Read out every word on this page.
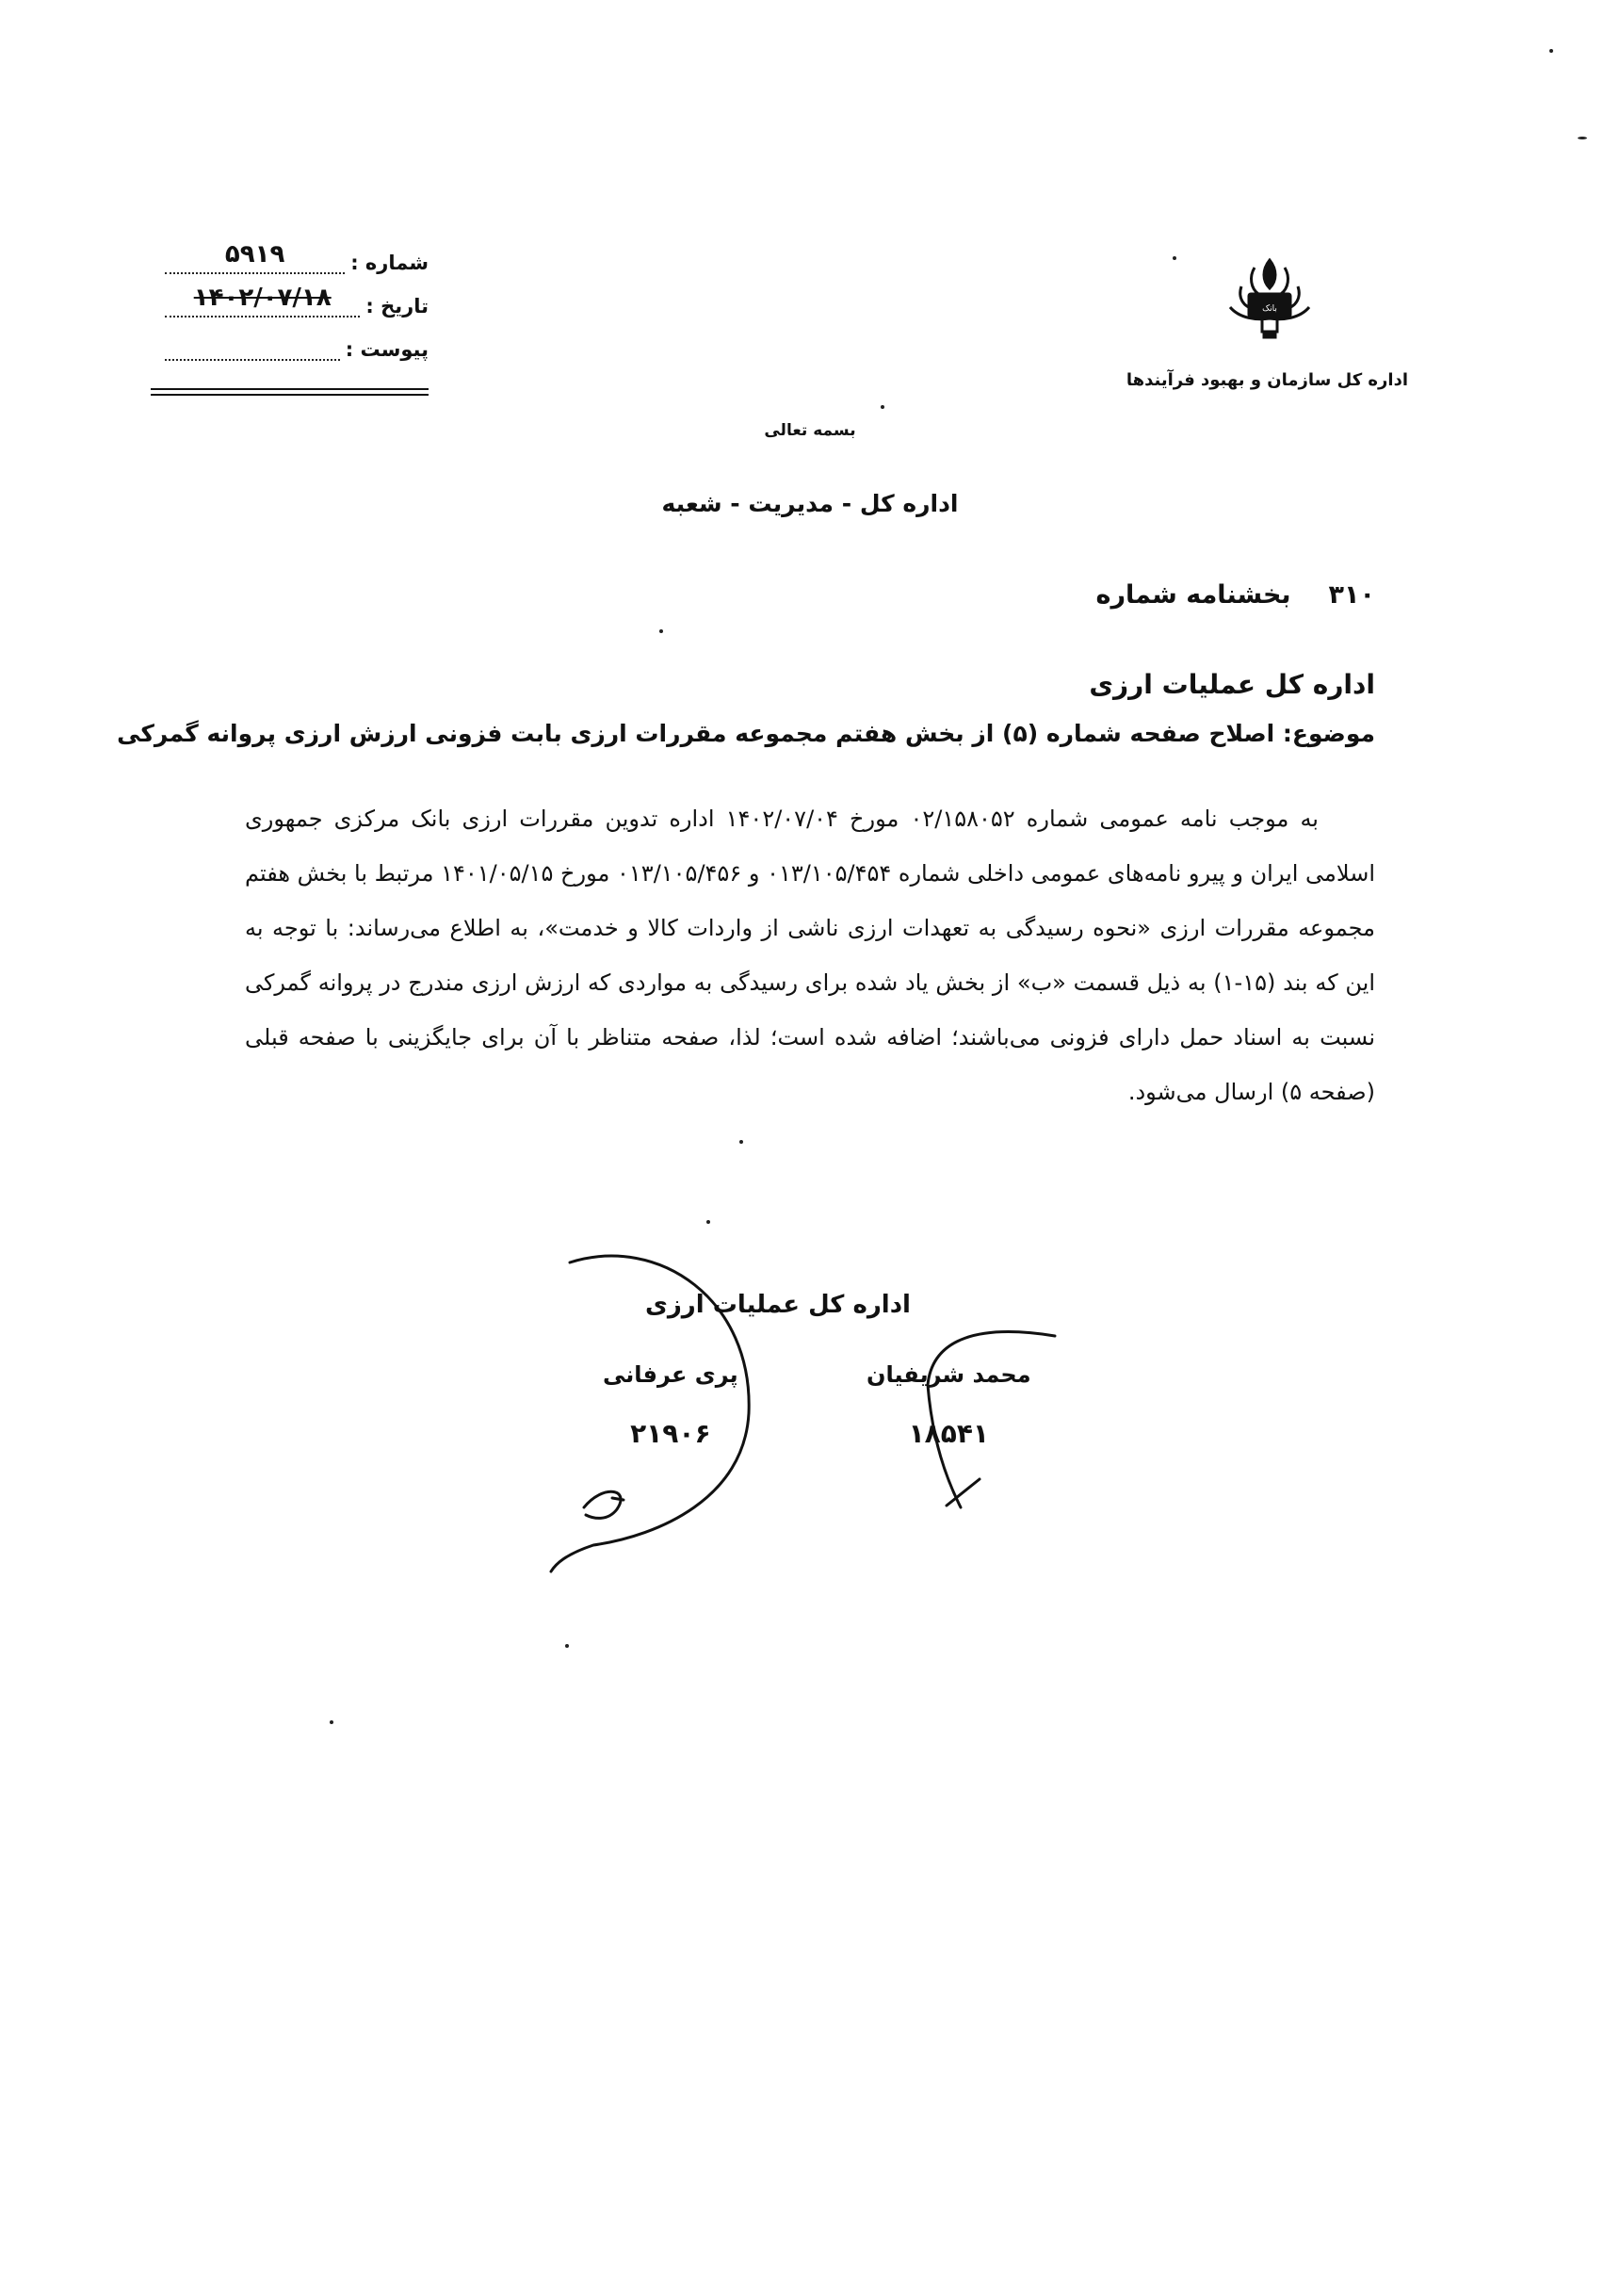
بانک
اداره کل سازمان و بهبود فرآیندها
شماره :
۵۹۱۹
تاریخ :
۱۴۰۲/۰۷/۱۸
پیوست :
بسمه تعالی
اداره کل - مدیریت - شعبه
بخشنامه شماره ۳۱۰
اداره کل عملیات ارزی
موضوع: اصلاح صفحه شماره (۵) از بخش هفتم مجموعه مقررات ارزی بابت فزونی ارزش ارزی پروانه گمرکی

به موجب نامه عمومی شماره ۰۲/۱۵۸۰۵۲ مورخ ۱۴۰۲/۰۷/۰۴ اداره تدوین مقررات ارزی بانک مرکزی جمهوری اسلامی ایران و پیرو نامه‌های عمومی داخلی شماره ۰۱۳/۱۰۵/۴۵۴ و ۰۱۳/۱۰۵/۴۵۶ مورخ ۱۴۰۱/۰۵/۱۵ مرتبط با بخش هفتم مجموعه مقررات ارزی «نحوه رسیدگی به تعهدات ارزی ناشی از واردات کالا و خدمت»، به اطلاع می‌رساند: با توجه به این که بند (۱۵-۱) به ذیل قسمت «ب» از بخش یاد شده برای رسیدگی به مواردی که ارزش ارزی مندرج در پروانه گمرکی نسبت به اسناد حمل دارای فزونی می‌باشند؛ اضافه شده است؛ لذا، صفحه متناظر با آن برای جایگزینی با صفحه قبلی (صفحه ۵) ارسال می‌شود.

اداره کل عملیات ارزی
محمد شریفیان
۱۸۵۴۱
پری عرفانی
۲۱۹۰۶
